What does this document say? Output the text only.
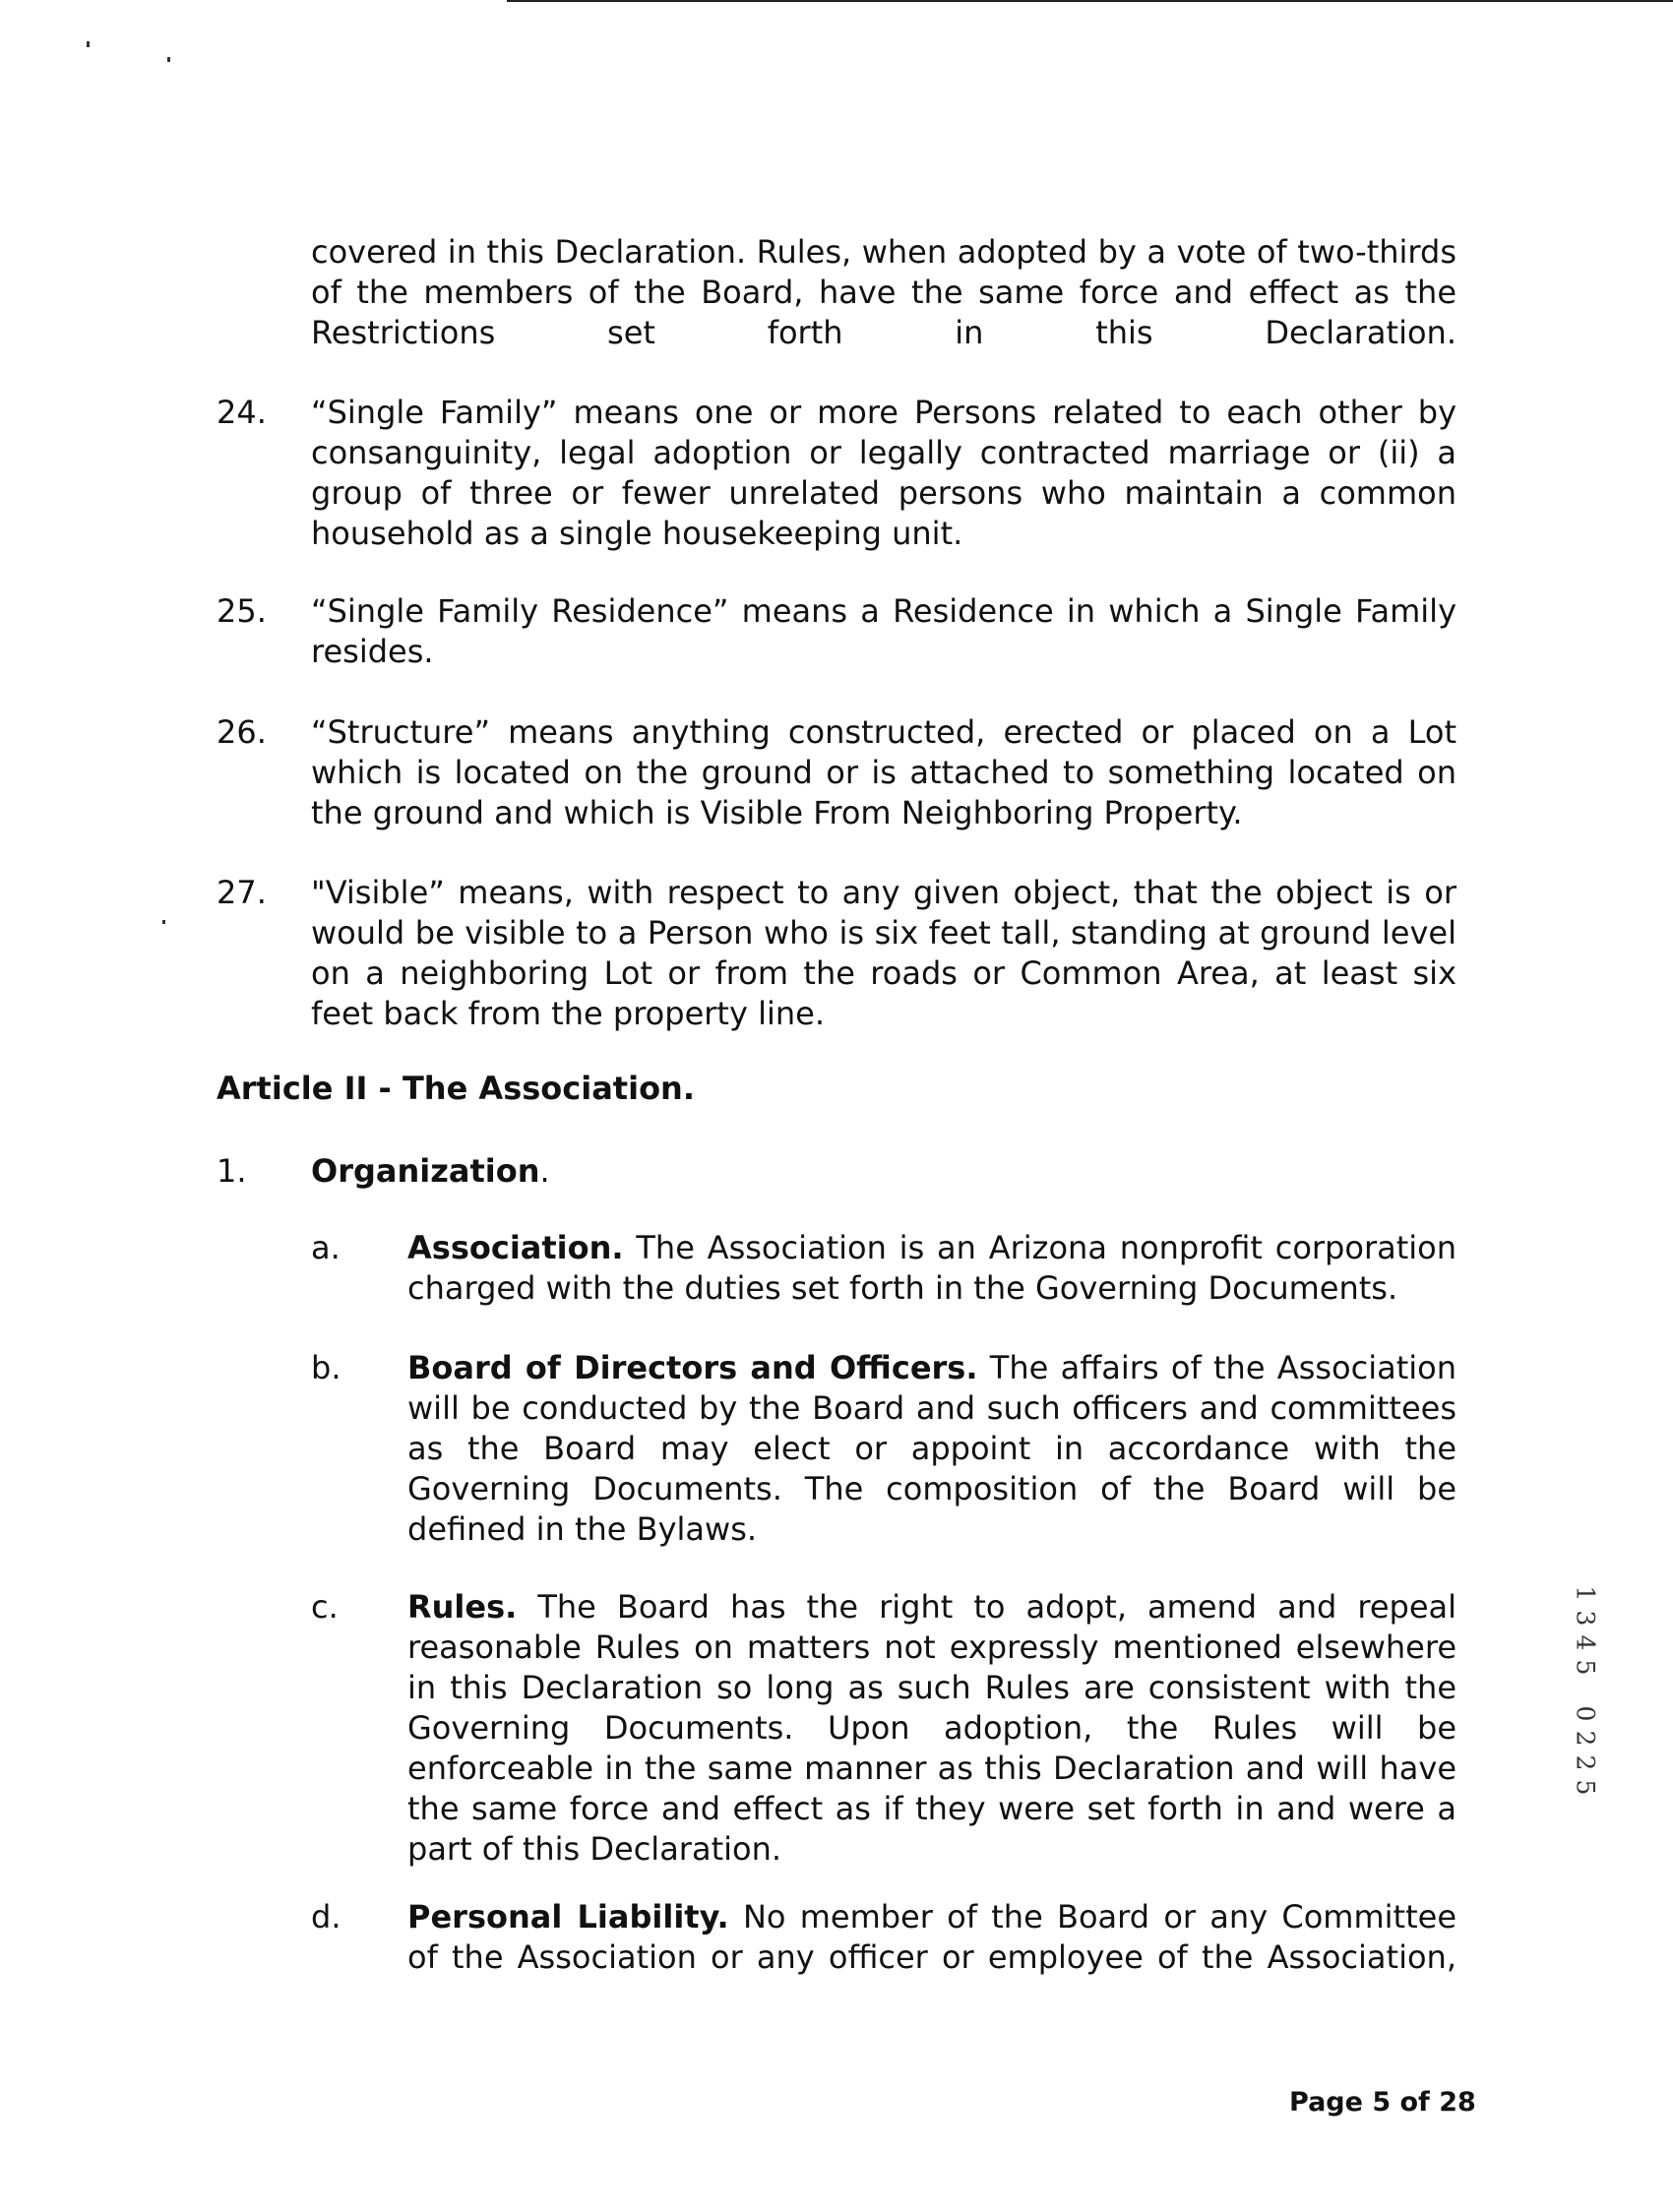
covered in this Declaration. Rules, when adopted by a vote of two-thirds of the members of the Board, have the same force and effect as the Restrictions set forth in this Declaration.
24. “Single Family” means one or more Persons related to each other by consanguinity, legal adoption or legally contracted marriage or (ii) a group of three or fewer unrelated persons who maintain a common household as a single housekeeping unit.
25. “Single Family Residence” means a Residence in which a Single Family resides.
26. “Structure” means anything constructed, erected or placed on a Lot which is located on the ground or is attached to something located on the ground and which is Visible From Neighboring Property.
27. "Visible” means, with respect to any given object, that the object is or would be visible to a Person who is six feet tall, standing at ground level on a neighboring Lot or from the roads or Common Area, at least six feet back from the property line.
Article II - The Association.
1. Organization.
a. Association. The Association is an Arizona nonprofit corporation charged with the duties set forth in the Governing Documents.
b. Board of Directors and Officers. The affairs of the Association will be conducted by the Board and such officers and committees as the Board may elect or appoint in accordance with the Governing Documents. The composition of the Board will be defined in the Bylaws.
c. Rules. The Board has the right to adopt, amend and repeal reasonable Rules on matters not expressly mentioned elsewhere in this Declaration so long as such Rules are consistent with the Governing Documents. Upon adoption, the Rules will be enforceable in the same manner as this Declaration and will have the same force and effect as if they were set forth in and were a part of this Declaration.
d. Personal Liability. No member of the Board or any Committee of the Association or any officer or employee of the Association,
1
3
4
5
0
2
2
5
Page 5 of 28
